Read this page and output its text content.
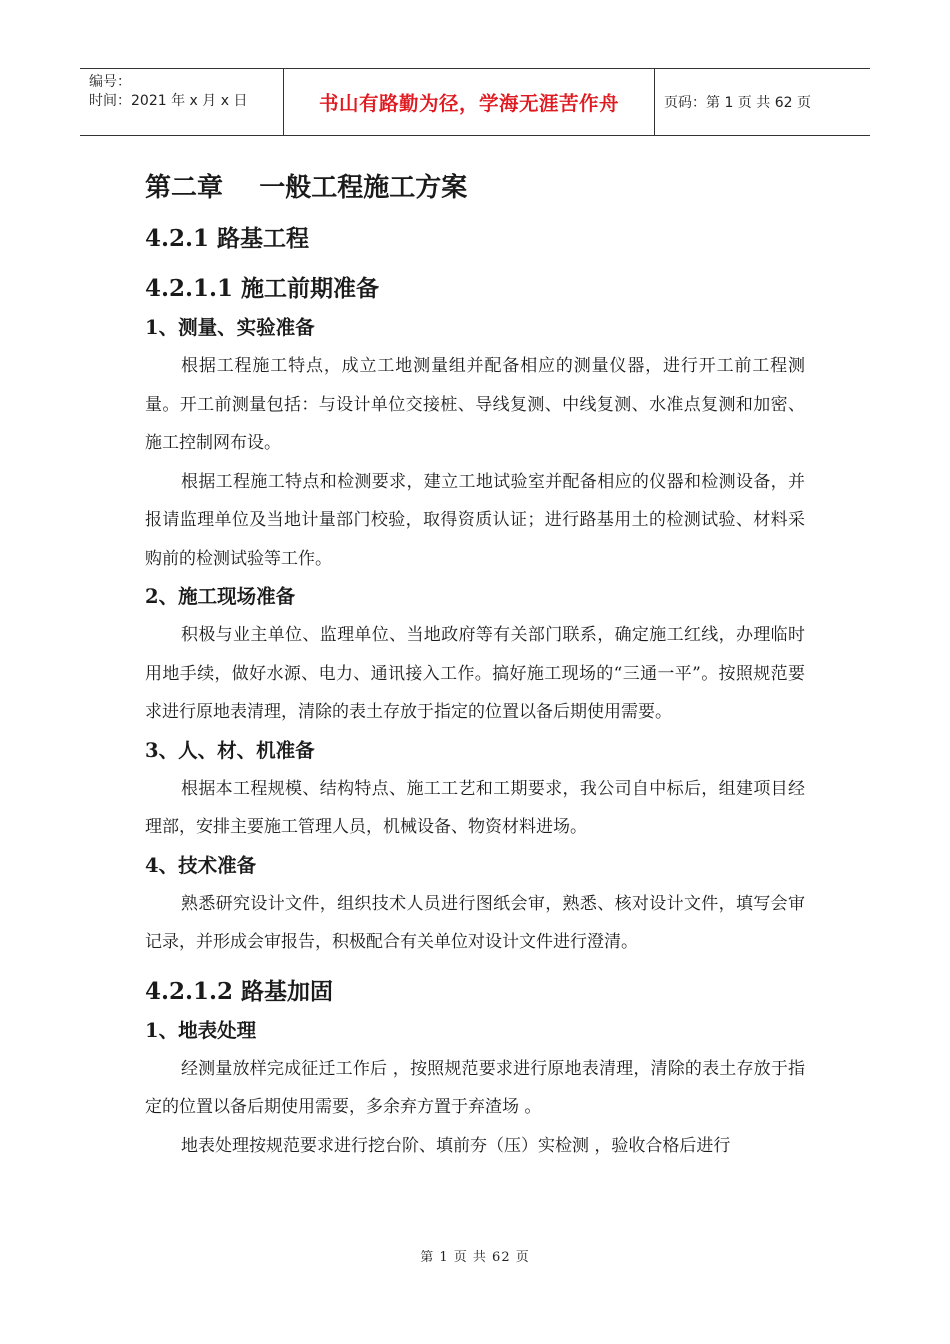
编号：
时间：2021 年 x 月 x 日	书山有路勤为径，学海无涯苦作舟	页码：第 1 页 共 62 页
第二章    一般工程施工方案
4.2.1 路基工程
4.2.1.1 施工前期准备
1、测量、实验准备

根据工程施工特点，成立工地测量组并配备相应的测量仪器，进行开工前工程测量。开工前测量包括：与设计单位交接桩、导线复测、中线复测、水准点复测和加密、施工控制网布设。

根据工程施工特点和检测要求，建立工地试验室并配备相应的仪器和检测设备，并报请监理单位及当地计量部门校验，取得资质认证；进行路基用土的检测试验、材料采购前的检测试验等工作。

2、施工现场准备

积极与业主单位、监理单位、当地政府等有关部门联系，确定施工红线，办理临时用地手续，做好水源、电力、通讯接入工作。搞好施工现场的“三通一平”。按照规范要求进行原地表清理，清除的表土存放于指定的位置以备后期使用需要。

3、人、材、机准备

根据本工程规模、结构特点、施工工艺和工期要求，我公司自中标后，组建项目经理部，安排主要施工管理人员，机械设备、物资材料进场。

4、技术准备

熟悉研究设计文件，组织技术人员进行图纸会审，熟悉、核对设计文件，填写会审记录，并形成会审报告，积极配合有关单位对设计文件进行澄清。

4.2.1.2 路基加固
1、地表处理

经测量放样完成征迁工作后 ，按照规范要求进行原地表清理，清除的表土存放于指定的位置以备后期使用需要，多余弃方置于弃渣场 。

地表处理按规范要求进行挖台阶、填前夯（压）实检测 ，验收合格后进行

第 1 页 共 62 页
